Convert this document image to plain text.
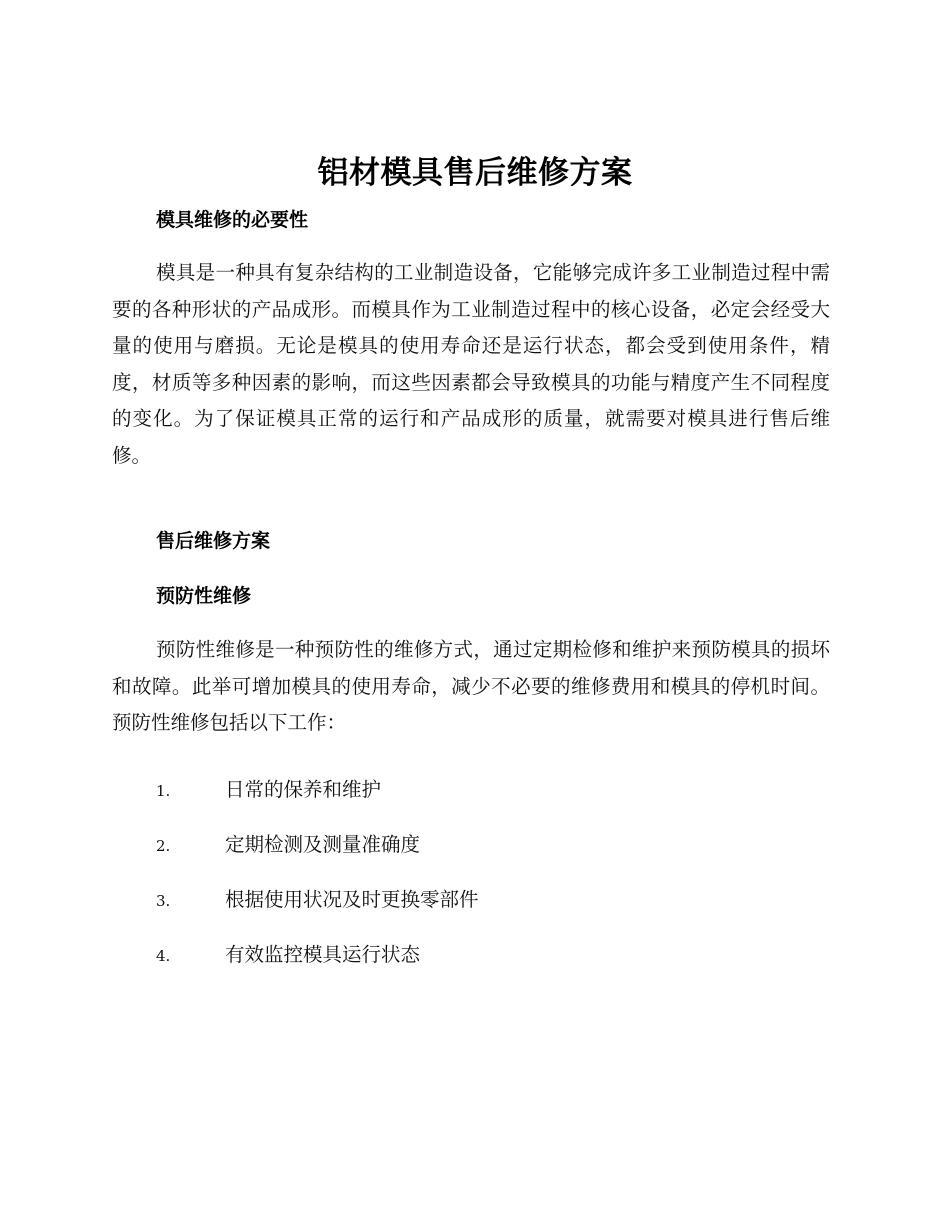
铝材模具售后维修方案
模具维修的必要性

模具是一种具有复杂结构的工业制造设备，它能够完成许多工业制造过程中需要的各种形状的产品成形。而模具作为工业制造过程中的核心设备，必定会经受大量的使用与磨损。无论是模具的使用寿命还是运行状态，都会受到使用条件，精度，材质等多种因素的影响，而这些因素都会导致模具的功能与精度产生不同程度的变化。为了保证模具正常的运行和产品成形的质量，就需要对模具进行售后维修。

售后维修方案
预防性维修

预防性维修是一种预防性的维修方式，通过定期检修和维护来预防模具的损坏和故障。此举可增加模具的使用寿命，减少不必要的维修费用和模具的停机时间。预防性维修包括以下工作：

1.	日常的保养和维护
2.	定期检测及测量准确度
3.	根据使用状况及时更换零部件
4.	有效监控模具运行状态
